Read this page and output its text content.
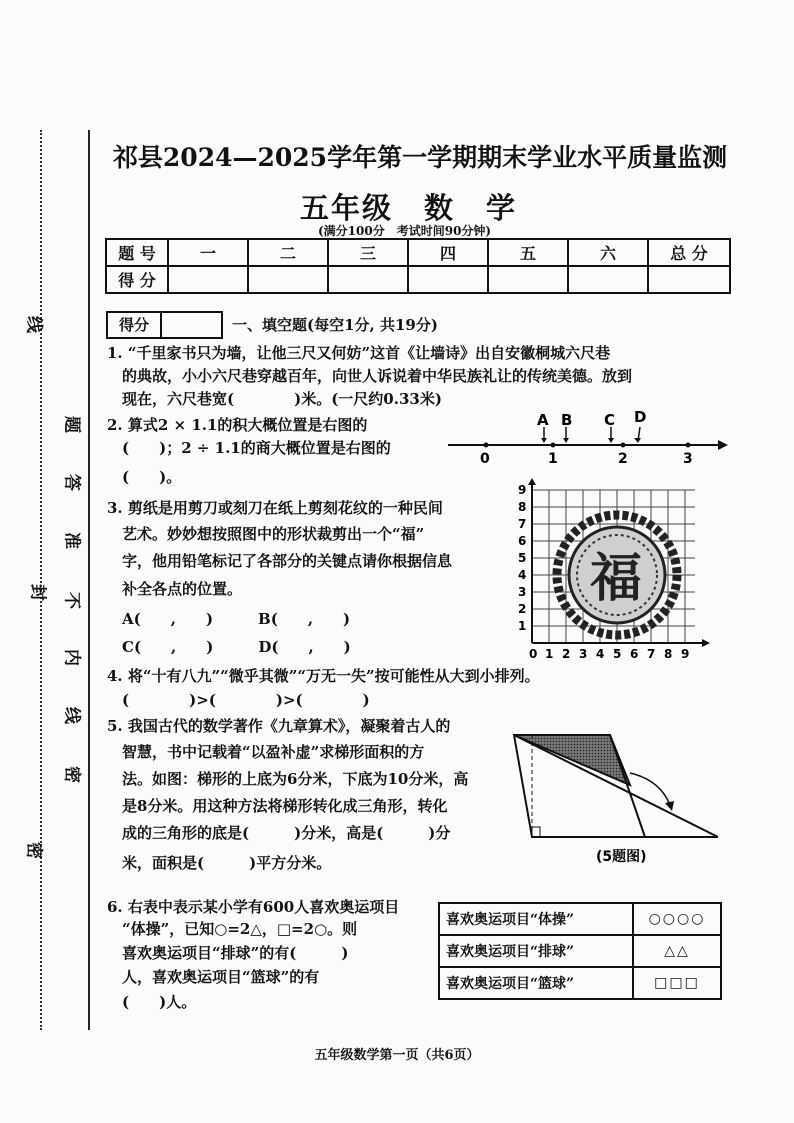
线
题
答
准
不
内
线
封
密
密
祁县2024—2025学年第一学期期末学业水平质量监测
五年级　数　学
(满分100分　考试时间90分钟)
题 号	一	二	三	四	五	六	总 分
得 分							
得分	一、填空题(每空1分, 共19分)
1. “千里家书只为墙，让他三尺又何妨”这首《让墙诗》出自安徽桐城六尺巷
的典故，小小六尺巷穿越百年，向世人诉说着中华民族礼让的传统美德。放到
现在，六尺巷宽(　　　　)米。(一尺约0.33米)
2. 算式2 × 1.1的积大概位置是右图的
(　　)；2 ÷ 1.1的商大概位置是右图的
(　　)。
0	1	2	3
A B C D
3. 剪纸是用剪刀或刻刀在纸上剪刻花纹的一种民间
艺术。妙妙想按照图中的形状裁剪出一个“福”
字，他用铅笔标记了各部分的关键点请你根据信息
补全各点的位置。
A(　　,　　)　　　B(　　,　　)
C(　　,　　)　　　D(　　,　　)
福
0 1 2 3 4 5 6 7 8 9
1
2
3
4
5
6
7
8
9
4. 将“十有八九”“微乎其微”“万无一失”按可能性从大到小排列。
(　　　　)>(　　　　)>(　　　　)
5. 我国古代的数学著作《九章算术》，凝聚着古人的
智慧，书中记载着“以盈补虚”求梯形面积的方
法。如图：梯形的上底为6分米，下底为10分米，高
是8分米。用这种方法将梯形转化成三角形，转化
成的三角形的底是(　　　)分米，高是(　　　)分
米，面积是(　　　)平方分米。	(5题图)
6. 右表中表示某小学有600人喜欢奥运项目
“体操”，已知○=2△，□=2○。则
喜欢奥运项目“排球”的有(　　　)
人，喜欢奥运项目“篮球”的有
(　　)人。
喜欢奥运项目“体操”	○○○○
喜欢奥运项目“排球”	△△
喜欢奥运项目“篮球”	□□□
五年级数学第一页（共6页）
